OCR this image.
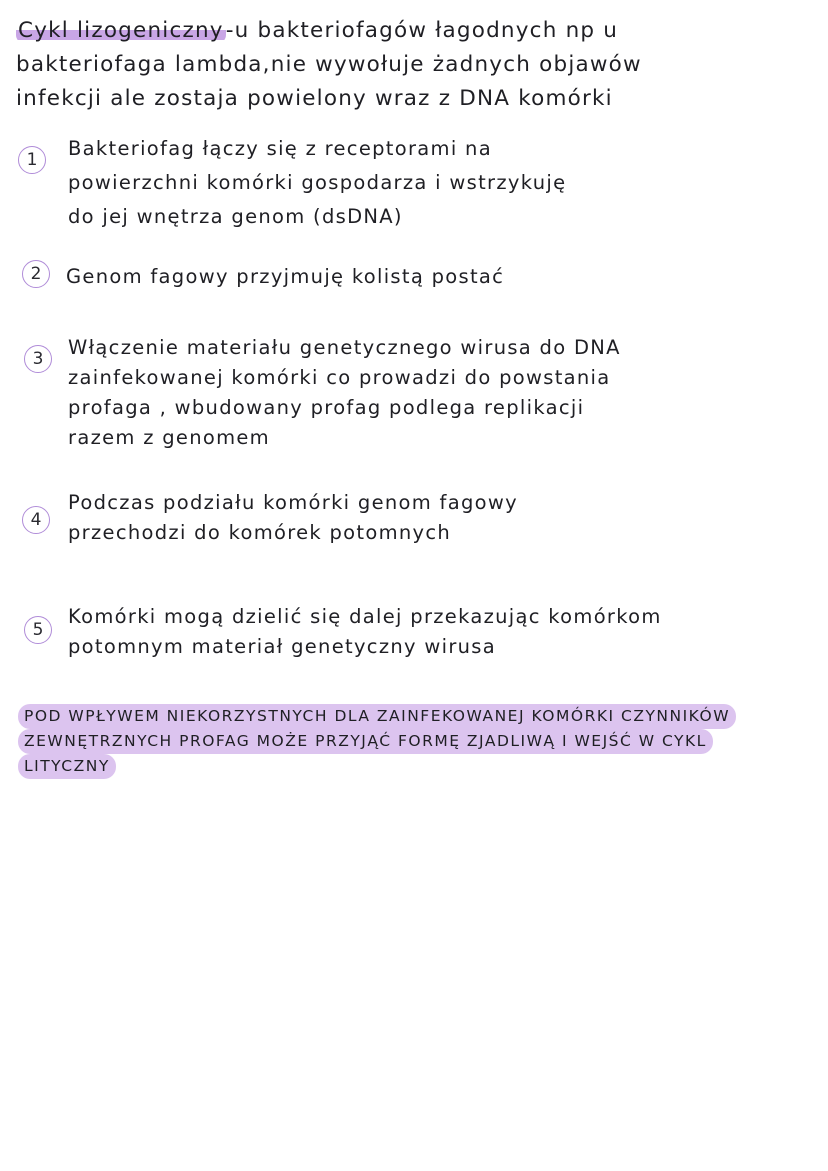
Cykl lizogeniczny-u bakteriofagów łagodnych np u
bakteriofaga lambda,nie wywołuje żadnych objawów
infekcji ale zostaja powielony wraz z DNA komórki
1	Bakteriofag łączy się z receptorami na
powierzchni komórki gospodarza i wstrzykuję
do jej wnętrza genom (dsDNA)
2	Genom fagowy przyjmuję kolistą postać
3	Włączenie materiału genetycznego wirusa do DNA
zainfekowanej komórki co prowadzi do powstania
profaga , wbudowany profag podlega replikacji
razem z genomem
4
Podczas podziału komórki genom fagowy
przechodzi do komórek potomnych
5
Komórki mogą dzielić się dalej przekazując komórkom
potomnym materiał genetyczny wirusa
POD WPŁYWEM NIEKORZYSTNYCH DLA ZAINFEKOWANEJ KOMÓRKI CZYNNIKÓW
ZEWNĘTRZNYCH PROFAG MOŻE PRZYJĄĆ FORMĘ ZJADLIWĄ I WEJŚĆ W CYKL
LITYCZNY
